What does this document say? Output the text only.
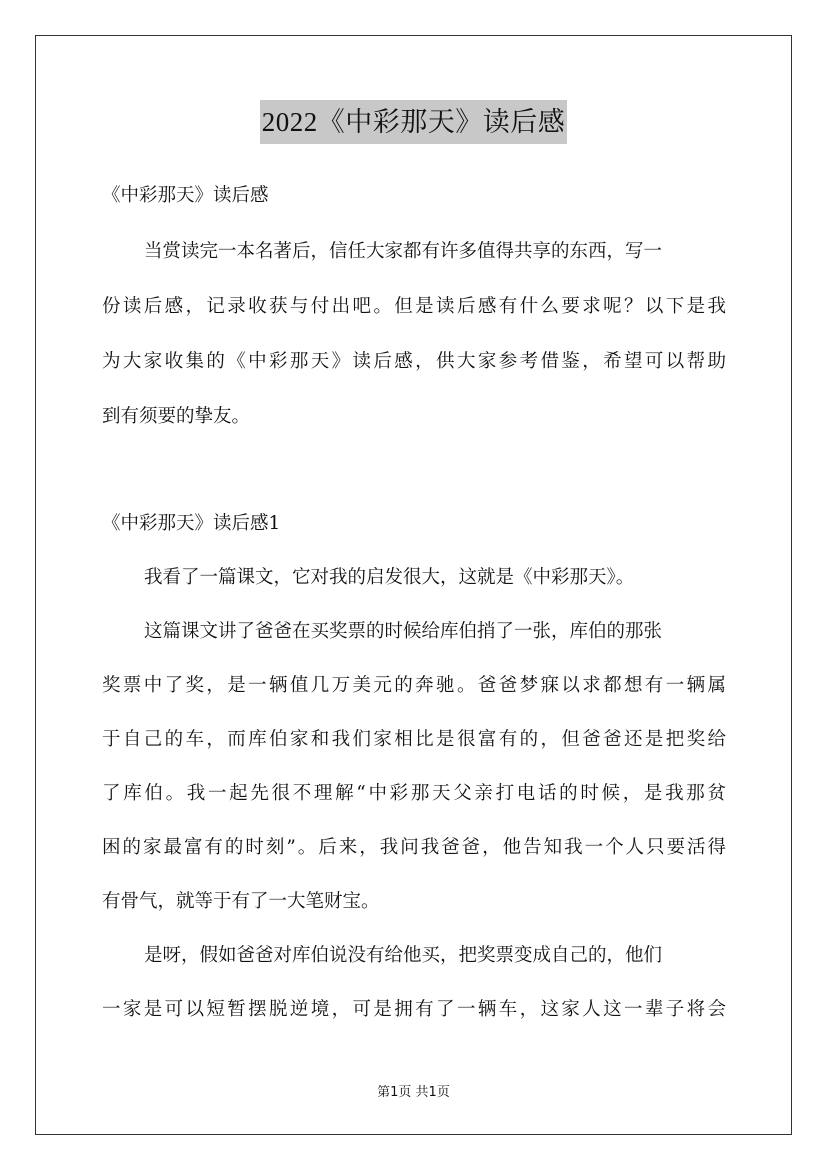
2022《中彩那天》读后感
《中彩那天》读后感
当赏读完一本名著后，信任大家都有许多值得共享的东西，写一
份读后感，记录收获与付出吧。但是读后感有什么要求呢？以下是我
为大家收集的《中彩那天》读后感，供大家参考借鉴，希望可以帮助
到有须要的挚友。
《中彩那天》读后感1
我看了一篇课文，它对我的启发很大，这就是《中彩那天》。
这篇课文讲了爸爸在买奖票的时候给库伯捎了一张，库伯的那张
奖票中了奖，是一辆值几万美元的奔驰。爸爸梦寐以求都想有一辆属
于自己的车，而库伯家和我们家相比是很富有的，但爸爸还是把奖给
了库伯。我一起先很不理解“中彩那天父亲打电话的时候，是我那贫
困的家最富有的时刻”。后来，我问我爸爸，他告知我一个人只要活得
有骨气，就等于有了一大笔财宝。
是呀，假如爸爸对库伯说没有给他买，把奖票变成自己的，他们
一家是可以短暂摆脱逆境，可是拥有了一辆车，这家人这一辈子将会
第1页 共1页
